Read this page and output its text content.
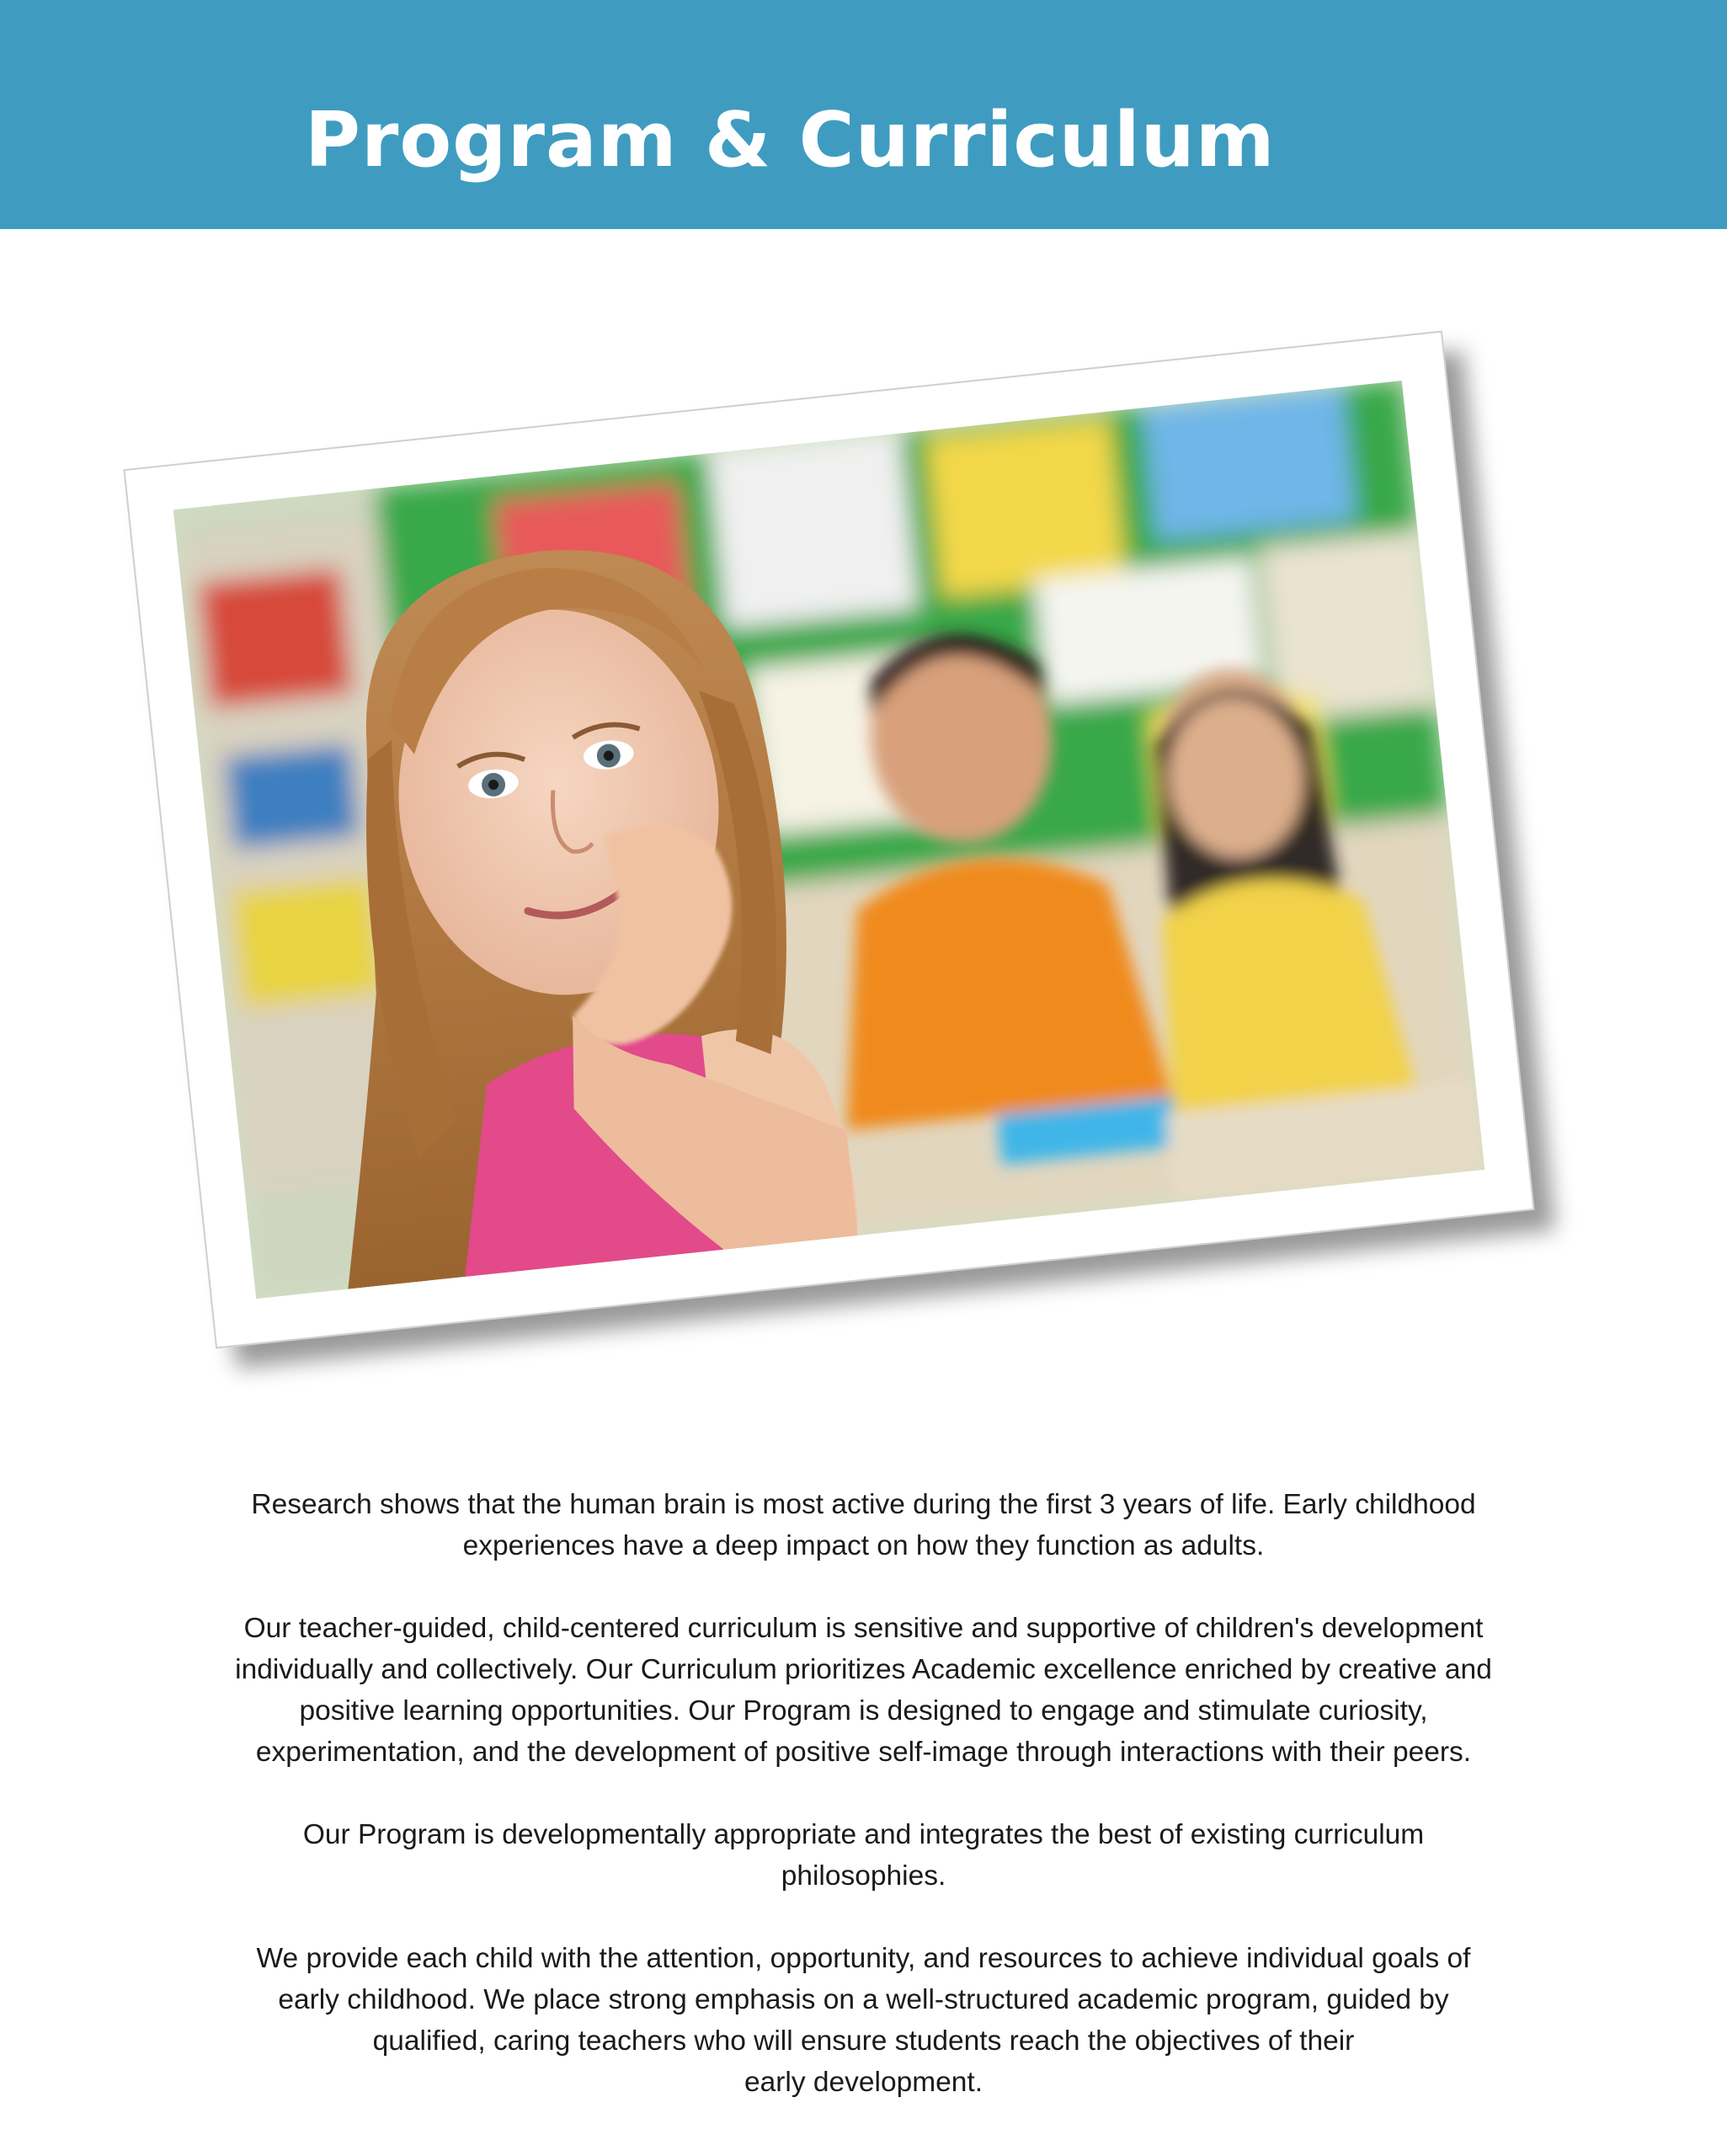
Program & Curriculum

Research shows that the human brain is most active during the first 3 years of life. Early childhood
experiences have a deep impact on how they function as adults.

Our teacher-guided, child-centered curriculum is sensitive and supportive of children's development
individually and collectively. Our Curriculum prioritizes Academic excellence enriched by creative and
positive learning opportunities. Our Program is designed to engage and stimulate curiosity,
experimentation, and the development of positive self-image through interactions with their peers.

Our Program is developmentally appropriate and integrates the best of existing curriculum
philosophies.

We provide each child with the attention, opportunity, and resources to achieve individual goals of
early childhood. We place strong emphasis on a well-structured academic program, guided by
qualified, caring teachers who will ensure students reach the objectives of their
early development.
